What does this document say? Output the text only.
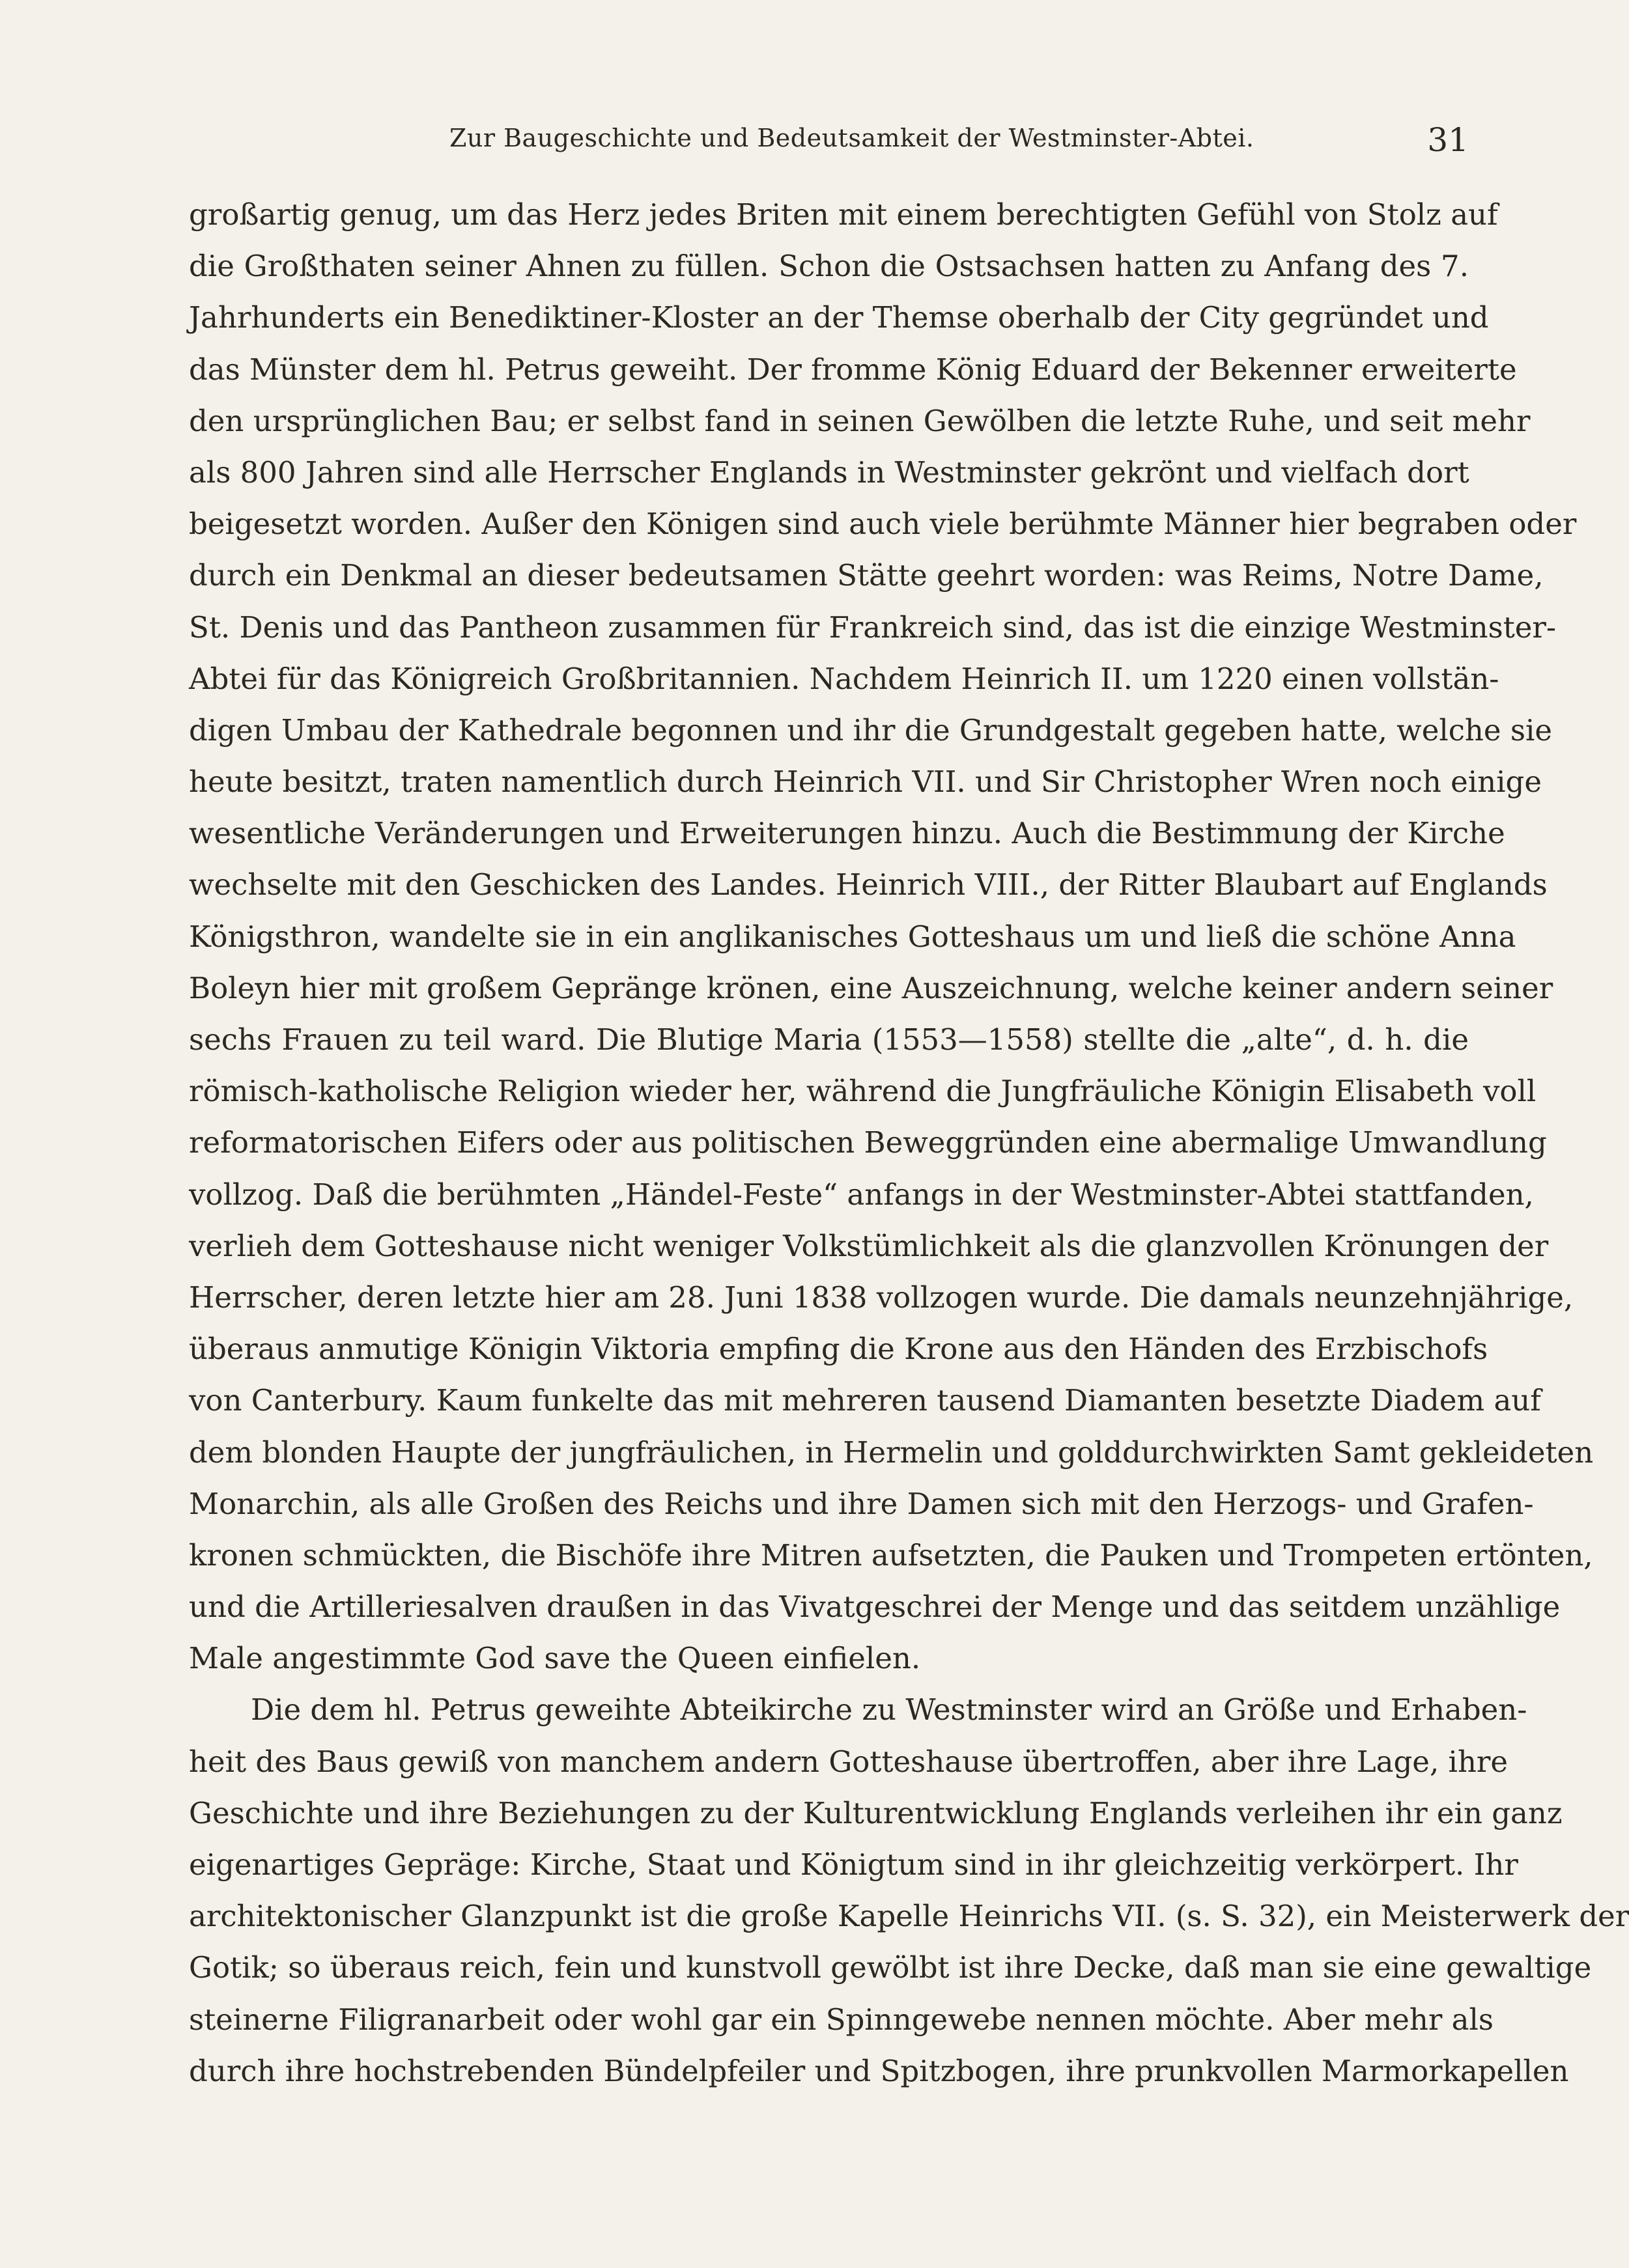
Zur Baugeschichte und Bedeutsamkeit der Westminster-Abtei.	31
großartig genug, um das Herz jedes Briten mit einem berechtigten Gefühl von Stolz auf
die Großthaten seiner Ahnen zu füllen. Schon die Ostsachsen hatten zu Anfang des 7.
Jahrhunderts ein Benediktiner-Kloster an der Themse oberhalb der City gegründet und
das Münster dem hl. Petrus geweiht. Der fromme König Eduard der Bekenner erweiterte
den ursprünglichen Bau; er selbst fand in seinen Gewölben die letzte Ruhe, und seit mehr
als 800 Jahren sind alle Herrscher Englands in Westminster gekrönt und vielfach dort
beigesetzt worden. Außer den Königen sind auch viele berühmte Männer hier begraben oder
durch ein Denkmal an dieser bedeutsamen Stätte geehrt worden: was Reims, Notre Dame,
St. Denis und das Pantheon zusammen für Frankreich sind, das ist die einzige Westminster-
Abtei für das Königreich Großbritannien. Nachdem Heinrich II. um 1220 einen vollstän-
digen Umbau der Kathedrale begonnen und ihr die Grundgestalt gegeben hatte, welche sie
heute besitzt, traten namentlich durch Heinrich VII. und Sir Christopher Wren noch einige
wesentliche Veränderungen und Erweiterungen hinzu. Auch die Bestimmung der Kirche
wechselte mit den Geschicken des Landes. Heinrich VIII., der Ritter Blaubart auf Englands
Königsthron, wandelte sie in ein anglikanisches Gotteshaus um und ließ die schöne Anna
Boleyn hier mit großem Gepränge krönen, eine Auszeichnung, welche keiner andern seiner
sechs Frauen zu teil ward. Die Blutige Maria (1553—1558) stellte die „alte“, d. h. die
römisch-katholische Religion wieder her, während die Jungfräuliche Königin Elisabeth voll
reformatorischen Eifers oder aus politischen Beweggründen eine abermalige Umwandlung
vollzog. Daß die berühmten „Händel-Feste“ anfangs in der Westminster-Abtei stattfanden,
verlieh dem Gotteshause nicht weniger Volkstümlichkeit als die glanzvollen Krönungen der
Herrscher, deren letzte hier am 28. Juni 1838 vollzogen wurde. Die damals neunzehnjährige,
überaus anmutige Königin Viktoria empfing die Krone aus den Händen des Erzbischofs
von Canterbury. Kaum funkelte das mit mehreren tausend Diamanten besetzte Diadem auf
dem blonden Haupte der jungfräulichen, in Hermelin und golddurchwirkten Samt gekleideten
Monarchin, als alle Großen des Reichs und ihre Damen sich mit den Herzogs- und Grafen-
kronen schmückten, die Bischöfe ihre Mitren aufsetzten, die Pauken und Trompeten ertönten,
und die Artilleriesalven draußen in das Vivatgeschrei der Menge und das seitdem unzählige
Male angestimmte God save the Queen einfielen.
Die dem hl. Petrus geweihte Abteikirche zu Westminster wird an Größe und Erhaben-
heit des Baus gewiß von manchem andern Gotteshause übertroffen, aber ihre Lage, ihre
Geschichte und ihre Beziehungen zu der Kulturentwicklung Englands verleihen ihr ein ganz
eigenartiges Gepräge: Kirche, Staat und Königtum sind in ihr gleichzeitig verkörpert. Ihr
architektonischer Glanzpunkt ist die große Kapelle Heinrichs VII. (s. S. 32), ein Meisterwerk der
Gotik; so überaus reich, fein und kunstvoll gewölbt ist ihre Decke, daß man sie eine gewaltige
steinerne Filigranarbeit oder wohl gar ein Spinngewebe nennen möchte. Aber mehr als
durch ihre hochstrebenden Bündelpfeiler und Spitzbogen, ihre prunkvollen Marmorkapellen
